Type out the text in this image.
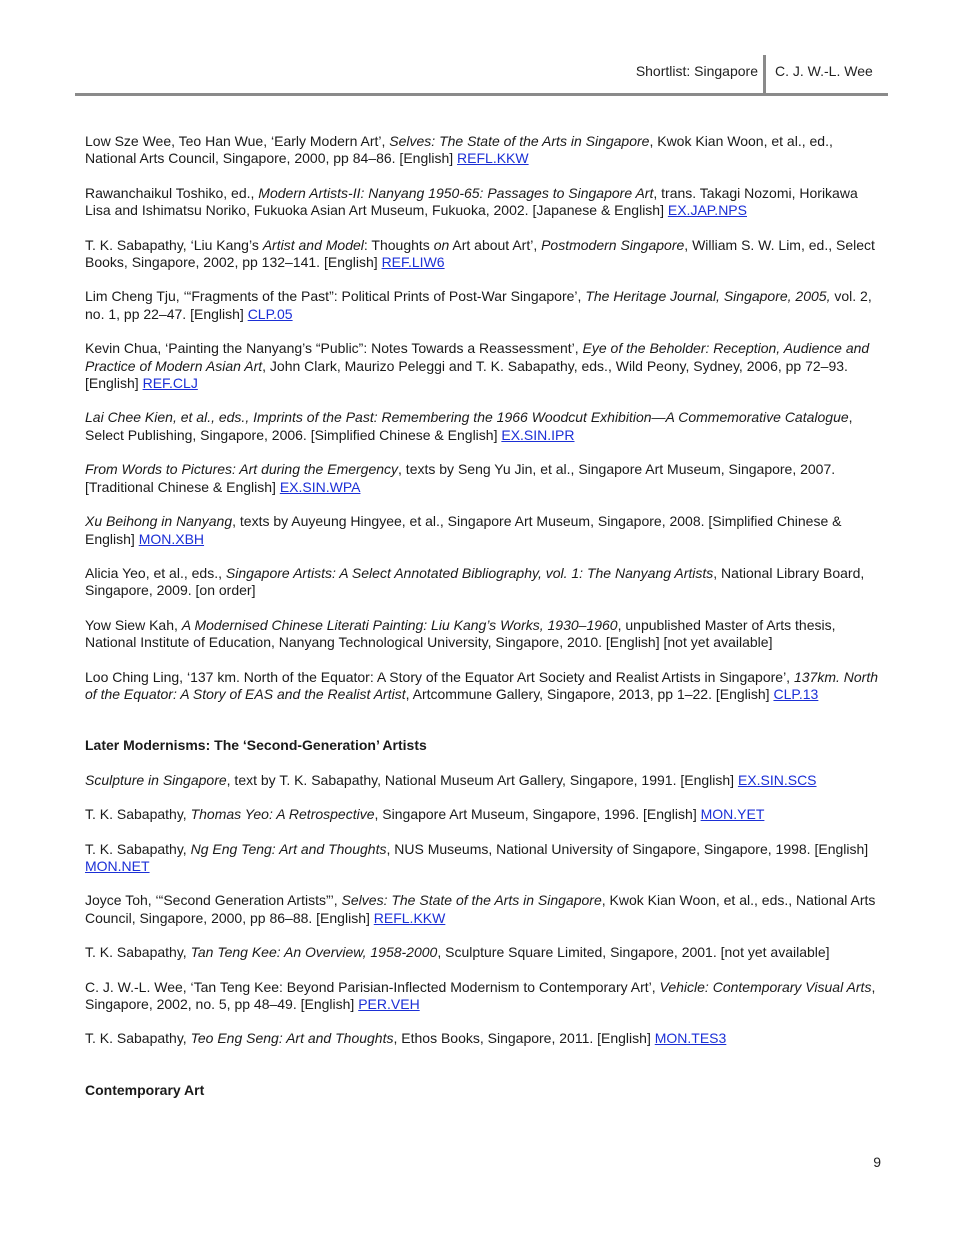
Shortlist: Singapore C. J. W.-L. Wee
Low Sze Wee, Teo Han Wue, ‘Early Modern Art’, Selves: The State of the Arts in Singapore, Kwok Kian Woon, et al., ed., National Arts Council, Singapore, 2000, pp 84–86. [English] REFL.KKW
Rawanchaikul Toshiko, ed., Modern Artists-II: Nanyang 1950-65: Passages to Singapore Art, trans. Takagi Nozomi, Horikawa Lisa and Ishimatsu Noriko, Fukuoka Asian Art Museum, Fukuoka, 2002. [Japanese & English] EX.JAP.NPS
T. K. Sabapathy, ‘Liu Kang’s Artist and Model: Thoughts on Art about Art’, Postmodern Singapore, William S. W. Lim, ed., Select Books, Singapore, 2002, pp 132–141. [English] REF.LIW6
Lim Cheng Tju, ‘“Fragments of the Past”: Political Prints of Post-War Singapore’, The Heritage Journal, Singapore, 2005, vol. 2, no. 1, pp 22–47. [English] CLP.05
Kevin Chua, ‘Painting the Nanyang’s “Public”: Notes Towards a Reassessment’, Eye of the Beholder: Reception, Audience and Practice of Modern Asian Art, John Clark, Maurizo Peleggi and T. K. Sabapathy, eds., Wild Peony, Sydney, 2006, pp 72–93. [English] REF.CLJ
Lai Chee Kien, et al., eds., Imprints of the Past: Remembering the 1966 Woodcut Exhibition—A Commemorative Catalogue, Select Publishing, Singapore, 2006. [Simplified Chinese & English] EX.SIN.IPR
From Words to Pictures: Art during the Emergency, texts by Seng Yu Jin, et al., Singapore Art Museum, Singapore, 2007. [Traditional Chinese & English] EX.SIN.WPA
Xu Beihong in Nanyang, texts by Auyeung Hingyee, et al., Singapore Art Museum, Singapore, 2008. [Simplified Chinese & English] MON.XBH
Alicia Yeo, et al., eds., Singapore Artists: A Select Annotated Bibliography, vol. 1: The Nanyang Artists, National Library Board, Singapore, 2009. [on order]
Yow Siew Kah, A Modernised Chinese Literati Painting: Liu Kang’s Works, 1930–1960, unpublished Master of Arts thesis, National Institute of Education, Nanyang Technological University, Singapore, 2010. [English] [not yet available]
Loo Ching Ling, ‘137 km. North of the Equator: A Story of the Equator Art Society and Realist Artists in Singapore’, 137km. North of the Equator: A Story of EAS and the Realist Artist, Artcommune Gallery, Singapore, 2013, pp 1–22. [English] CLP.13
Later Modernisms: The ‘Second-Generation’ Artists
Sculpture in Singapore, text by T. K. Sabapathy, National Museum Art Gallery, Singapore, 1991. [English] EX.SIN.SCS
T. K. Sabapathy, Thomas Yeo: A Retrospective, Singapore Art Museum, Singapore, 1996. [English] MON.YET
T. K. Sabapathy, Ng Eng Teng: Art and Thoughts, NUS Museums, National University of Singapore, Singapore, 1998. [English] MON.NET
Joyce Toh, ‘“Second Generation Artists”’, Selves: The State of the Arts in Singapore, Kwok Kian Woon, et al., eds., National Arts Council, Singapore, 2000, pp 86–88. [English] REFL.KKW
T. K. Sabapathy, Tan Teng Kee: An Overview, 1958-2000, Sculpture Square Limited, Singapore, 2001. [not yet available]
C. J. W.-L. Wee, ‘Tan Teng Kee: Beyond Parisian-Inflected Modernism to Contemporary Art’, Vehicle: Contemporary Visual Arts, Singapore, 2002, no. 5, pp 48–49. [English] PER.VEH
T. K. Sabapathy, Teo Eng Seng: Art and Thoughts, Ethos Books, Singapore, 2011. [English] MON.TES3
Contemporary Art
9
